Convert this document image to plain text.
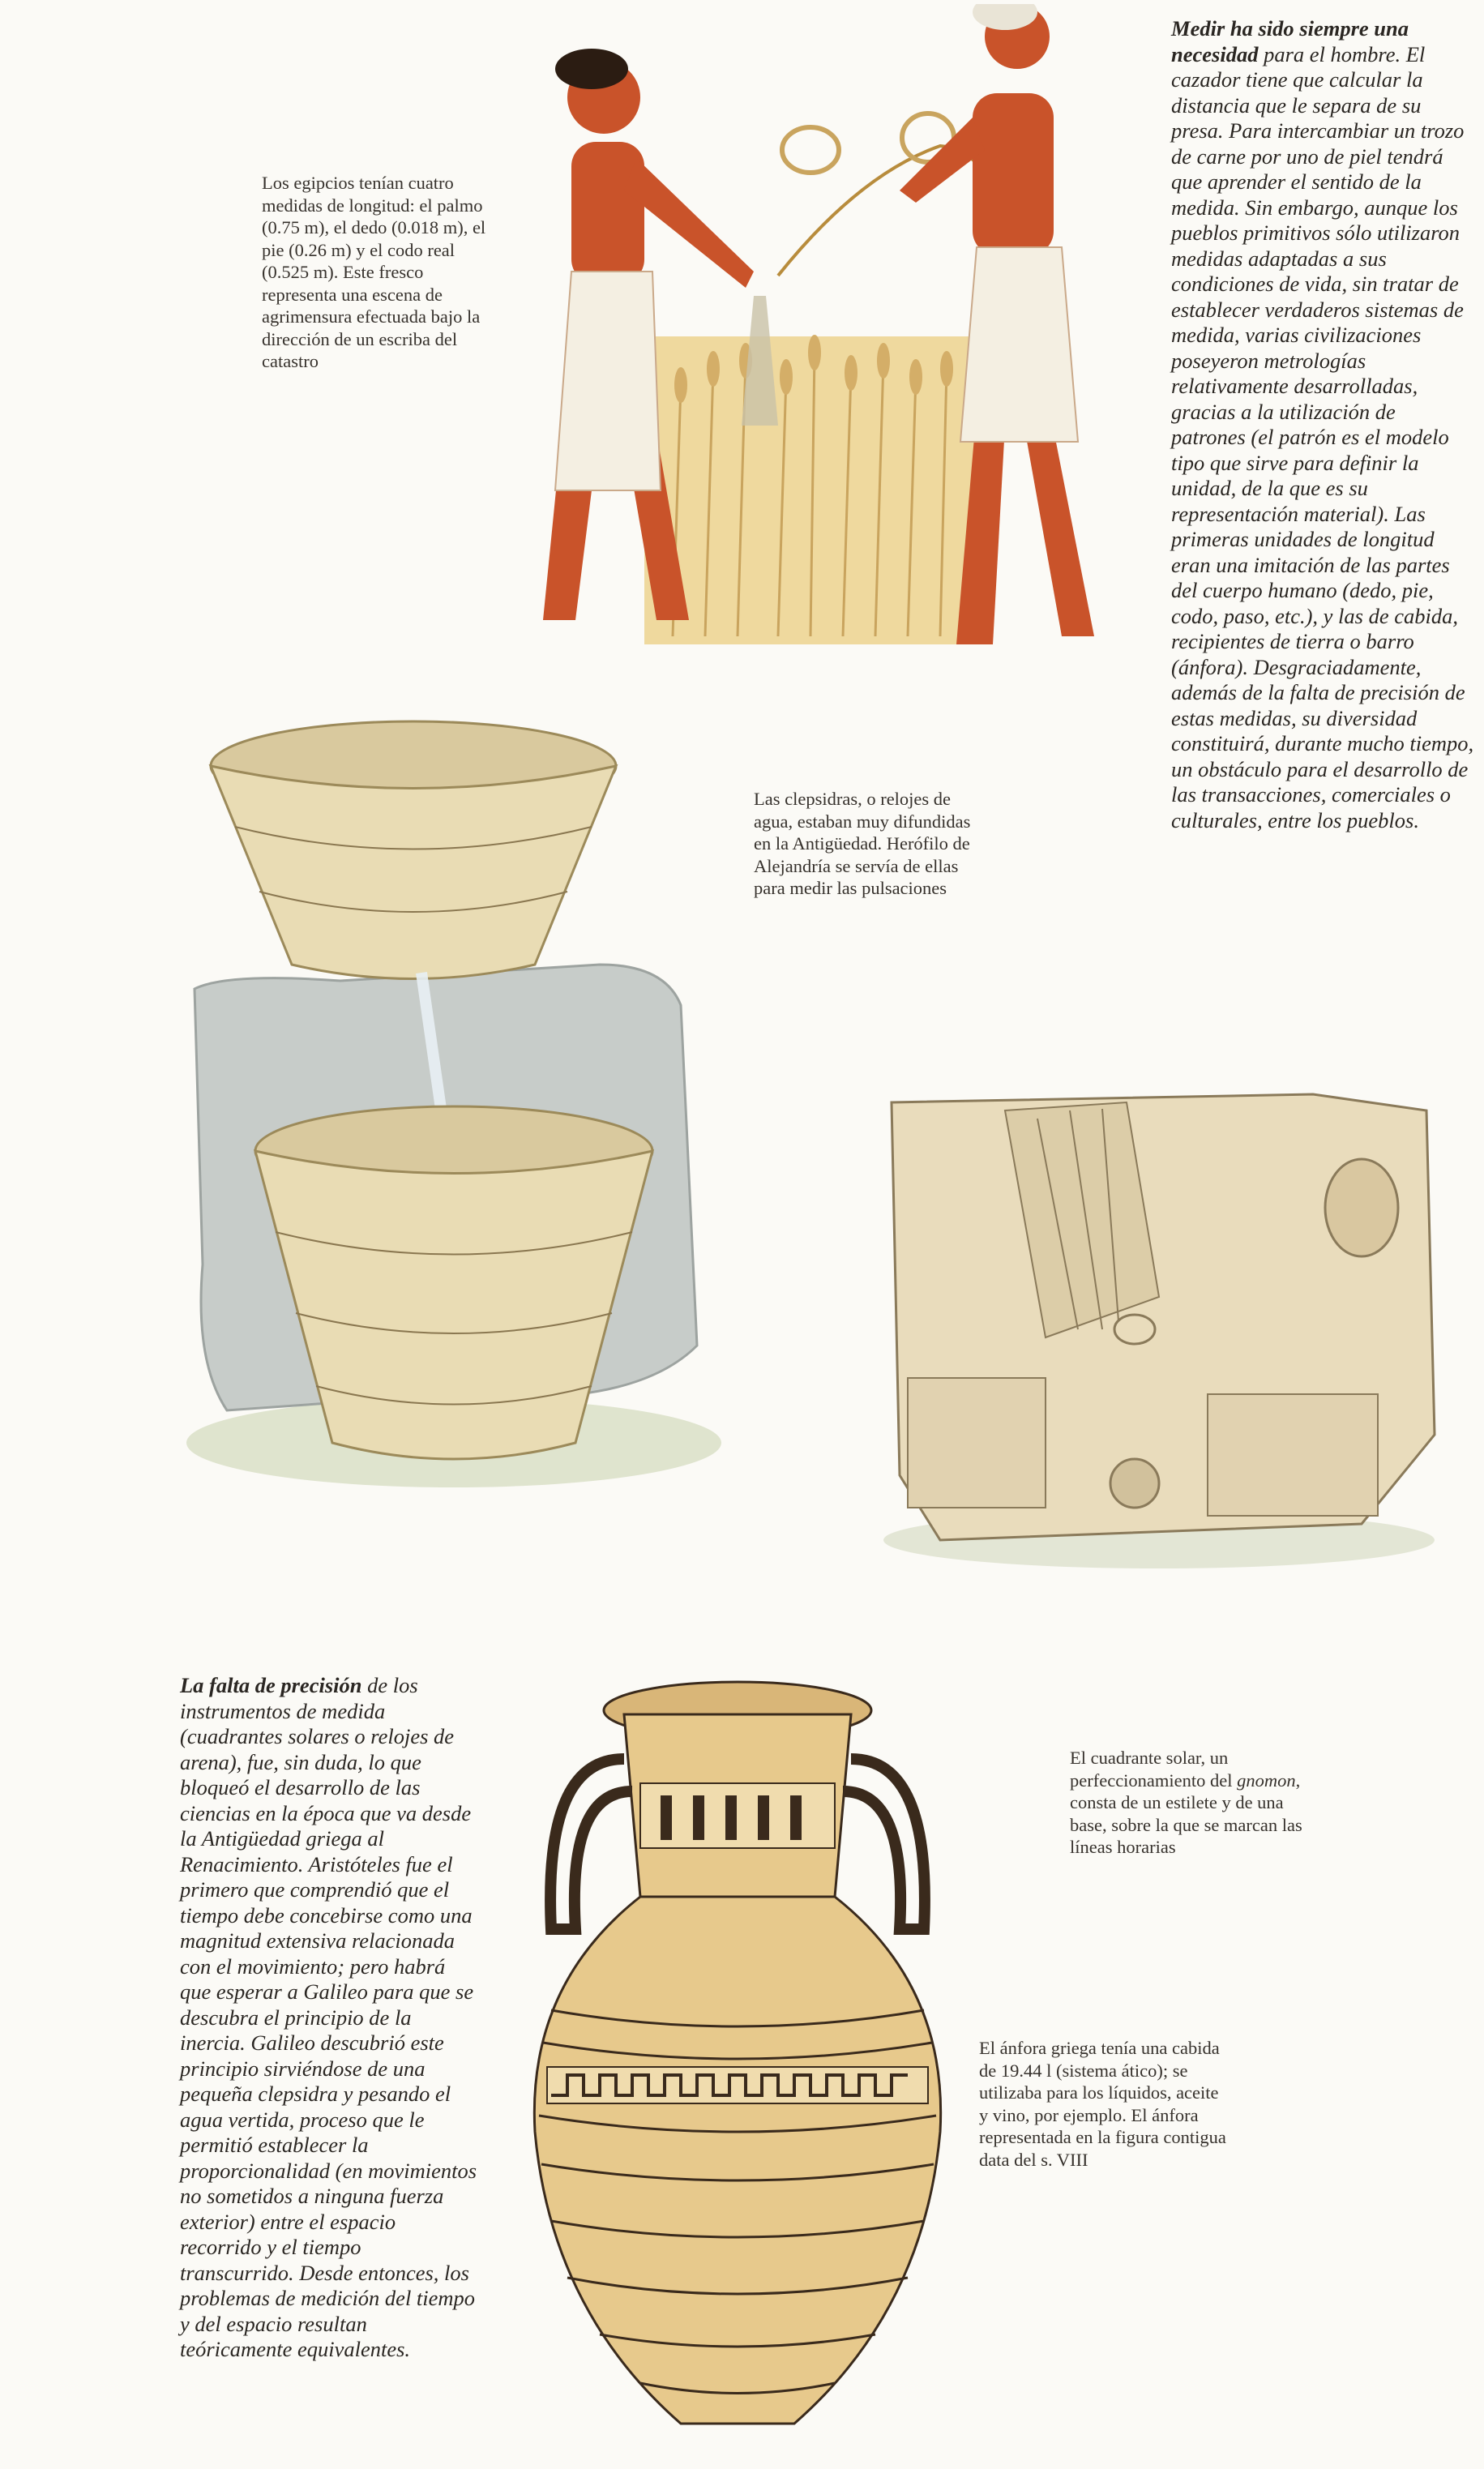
Los egipcios tenían cuatro medidas de longitud: el palmo (0.75 m), el dedo (0.018 m), el pie (0.26 m) y el codo real (0.525 m). Este fresco representa una escena de agrimensura efectuada bajo la dirección de un escriba del catastro

Medir ha sido siempre una necesidad para el hombre. El cazador tiene que calcular la distancia que le separa de su presa. Para intercambiar un trozo de carne por uno de piel tendrá que aprender el sentido de la medida. Sin embargo, aunque los pueblos primitivos sólo utilizaron medidas adaptadas a sus condiciones de vida, sin tratar de establecer verdaderos sistemas de medida, varias civilizaciones poseyeron metrologías relativamente desarrolladas, gracias a la utilización de patrones (el patrón es el modelo tipo que sirve para definir la unidad, de la que es su representación material). Las primeras unidades de longitud eran una imitación de las partes del cuerpo humano (dedo, pie, codo, paso, etc.), y las de cabida, recipientes de tierra o barro (ánfora). Desgraciadamente, además de la falta de precisión de estas medidas, su diversidad constituirá, durante mucho tiempo, un obstáculo para el desarrollo de las transacciones, comerciales o culturales, entre los pueblos.

Las clepsidras, o relojes de agua, estaban muy difundidas en la Antigüedad. Herófilo de Alejandría se servía de ellas para medir las pulsaciones

El cuadrante solar, un perfeccionamiento del gnomon, consta de un estilete y de una base, sobre la que se marcan las líneas horarias

La falta de precisión de los instrumentos de medida (cuadrantes solares o relojes de arena), fue, sin duda, lo que bloqueó el desarrollo de las ciencias en la época que va desde la Antigüedad griega al Renacimiento. Aristóteles fue el primero que comprendió que el tiempo debe concebirse como una magnitud extensiva relacionada con el movimiento; pero habrá que esperar a Galileo para que se descubra el principio de la inercia. Galileo descubrió este principio sirviéndose de una pequeña clepsidra y pesando el agua vertida, proceso que le permitió establecer la proporcionalidad (en movimientos no sometidos a ninguna fuerza exterior) entre el espacio recorrido y el tiempo transcurrido. Desde entonces, los problemas de medición del tiempo y del espacio resultan teóricamente equivalentes.

El ánfora griega tenía una cabida de 19.44 l (sistema ático); se utilizaba para los líquidos, aceite y vino, por ejemplo. El ánfora representada en la figura contigua data del s. VIII
